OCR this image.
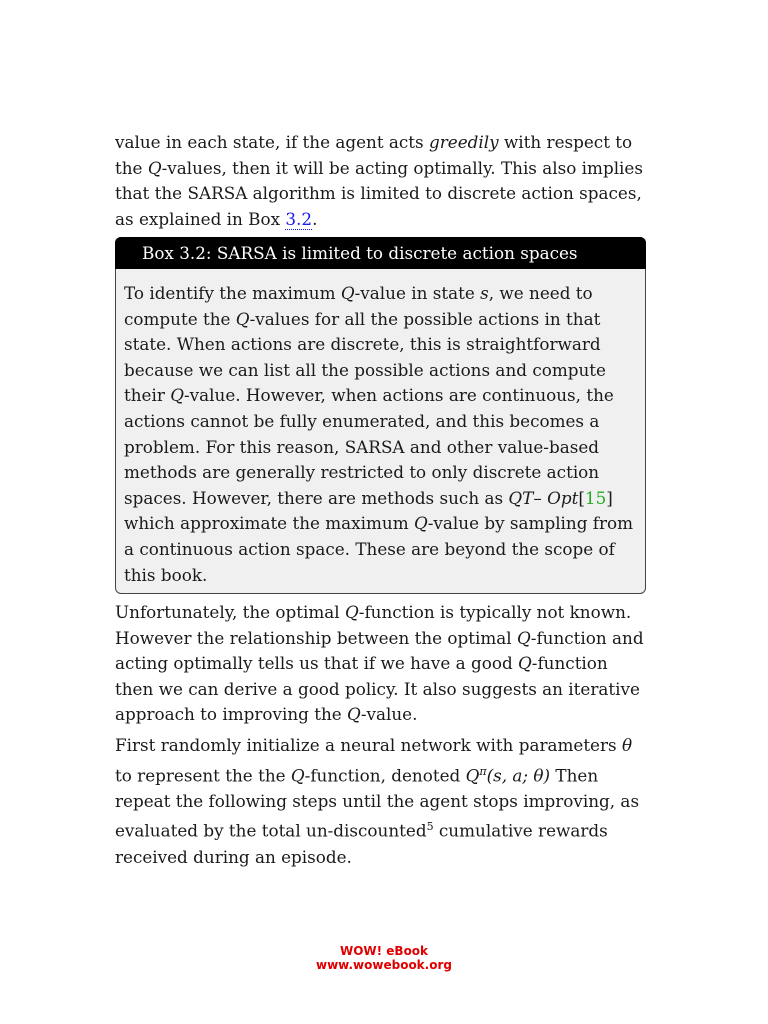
value in each state, if the agent acts greedily with respect to the Q-values, then it will be acting optimally. This also implies that the SARSA algorithm is limited to discrete action spaces, as explained in Box 3.2.
Box 3.2: SARSA is limited to discrete action spaces
To identify the maximum Q-value in state s, we need to compute the Q-values for all the possible actions in that state. When actions are discrete, this is straightforward because we can list all the possible actions and compute their Q-value. However, when actions are continuous, the actions cannot be fully enumerated, and this becomes a problem. For this reason, SARSA and other value-based methods are generally restricted to only discrete action spaces. However, there are methods such as QT– Opt[15] which approximate the maximum Q-value by sampling from a continuous action space. These are beyond the scope of this book.
Unfortunately, the optimal Q-function is typically not known. However the relationship between the optimal Q-function and acting optimally tells us that if we have a good Q-function then we can derive a good policy. It also suggests an iterative approach to improving the Q-value.
First randomly initialize a neural network with parameters θ to represent the the Q-function, denoted $Q^\pi(s$, a; θ) Then repeat the following steps until the agent stops improving, as evaluated by the total un-discounted$^5$ cumulative rewards received during an episode.
WOW! eBook
www.wowebook.org
